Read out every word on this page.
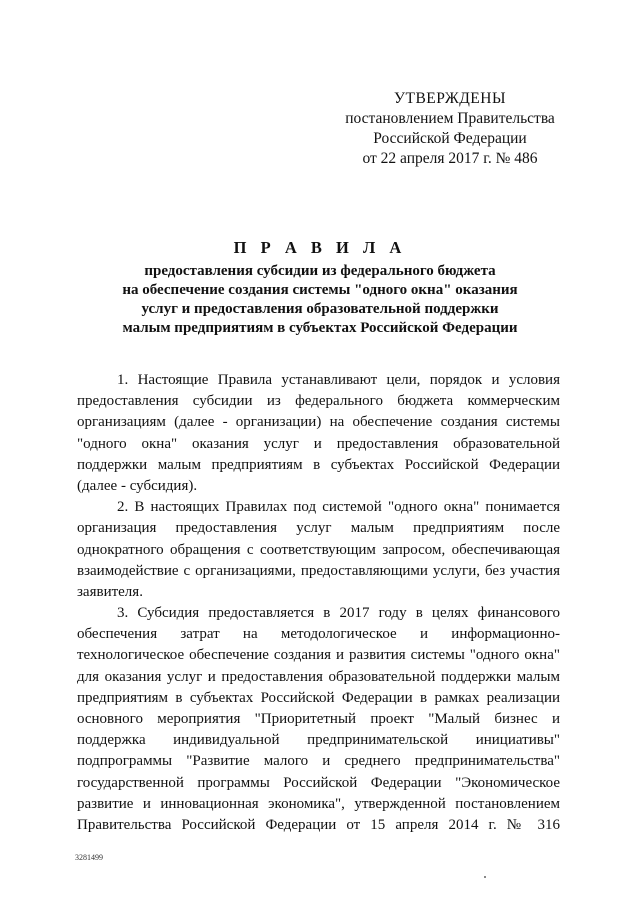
УТВЕРЖДЕНЫ
постановлением Правительства
Российской Федерации
от 22 апреля 2017 г. № 486
П Р А В И Л А
предоставления субсидии из федерального бюджета
на обеспечение создания системы "одного окна" оказания
услуг и предоставления образовательной поддержки
малым предприятиям в субъектах Российской Федерации
1. Настоящие Правила устанавливают цели, порядок и условия
предоставления субсидии из федерального бюджета коммерческим
организациям (далее - организации) на обеспечение создания системы
"одного окна" оказания услуг и предоставления образовательной
поддержки малым предприятиям в субъектах Российской Федерации
(далее - субсидия).
2. В настоящих Правилах под системой "одного окна" понимается
организация предоставления услуг малым предприятиям после
однократного обращения с соответствующим запросом, обеспечивающая
взаимодействие с организациями, предоставляющими услуги, без участия
заявителя.
3. Субсидия предоставляется в 2017 году в целях финансового
обеспечения затрат на методологическое и информационно-
технологическое обеспечение создания и развития системы "одного окна"
для оказания услуг и предоставления образовательной поддержки малым
предприятиям в субъектах Российской Федерации в рамках реализации
основного мероприятия "Приоритетный проект "Малый бизнес и
поддержка индивидуальной предпринимательской инициативы"
подпрограммы "Развитие малого и среднего предпринимательства"
государственной программы Российской Федерации "Экономическое
развитие и инновационная экономика", утвержденной постановлением
Правительства Российской Федерации от 15 апреля 2014 г. № 316
3281499
